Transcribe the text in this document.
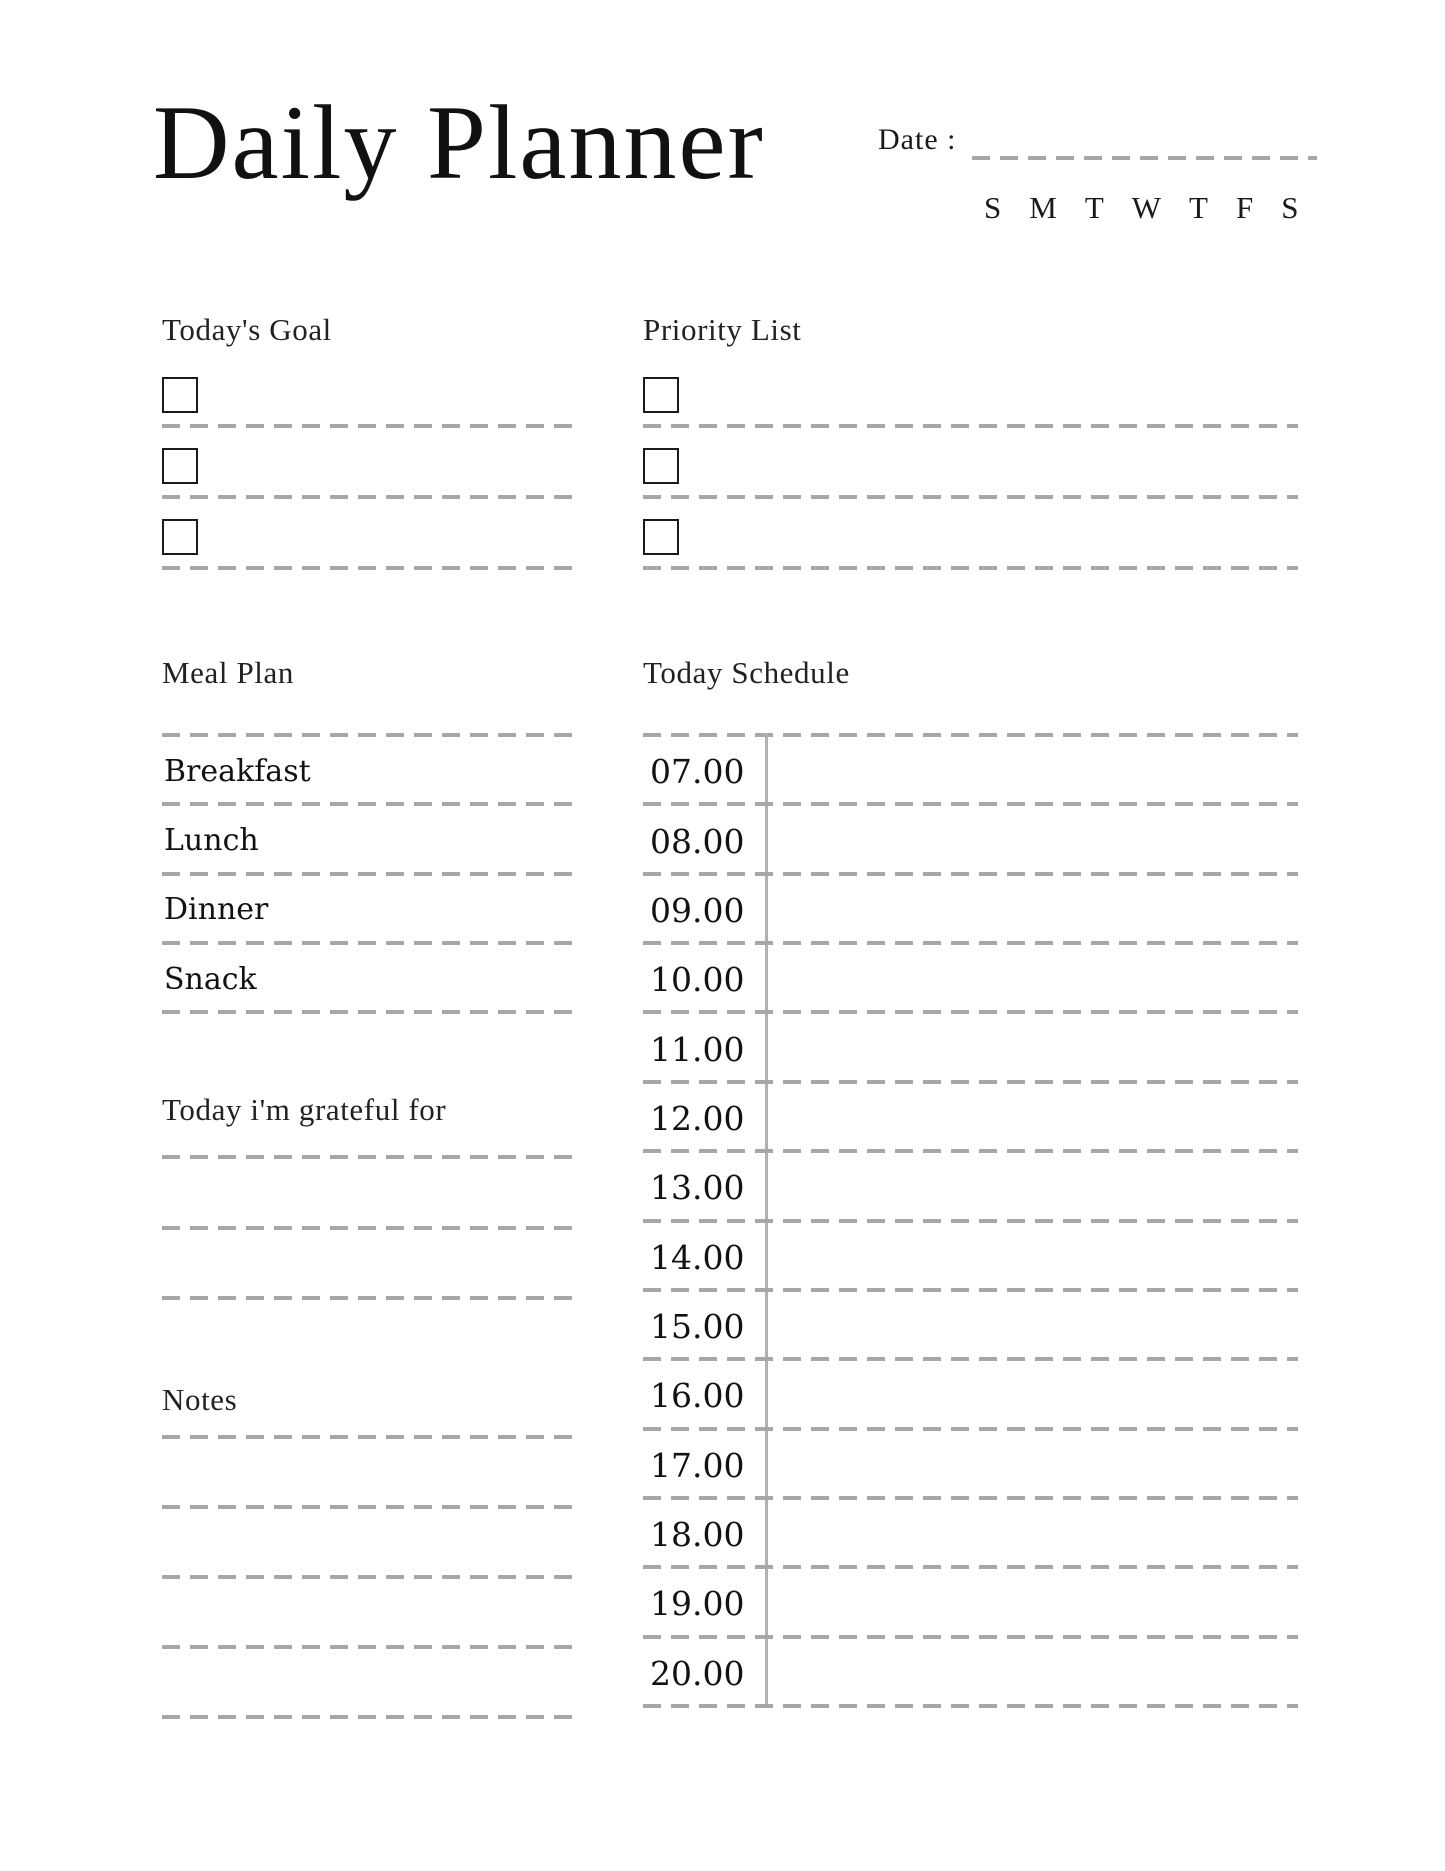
Daily Planner	Date :
S M T W T F S
Today's Goal	Priority List
Meal Plan
Breakfast
Lunch
Dinner
Snack
Today Schedule
07.00
08.00
09.00
10.00
11.00
12.00
13.00
14.00
15.00
16.00
17.00
18.00
19.00
20.00
Today i'm grateful for
Notes
